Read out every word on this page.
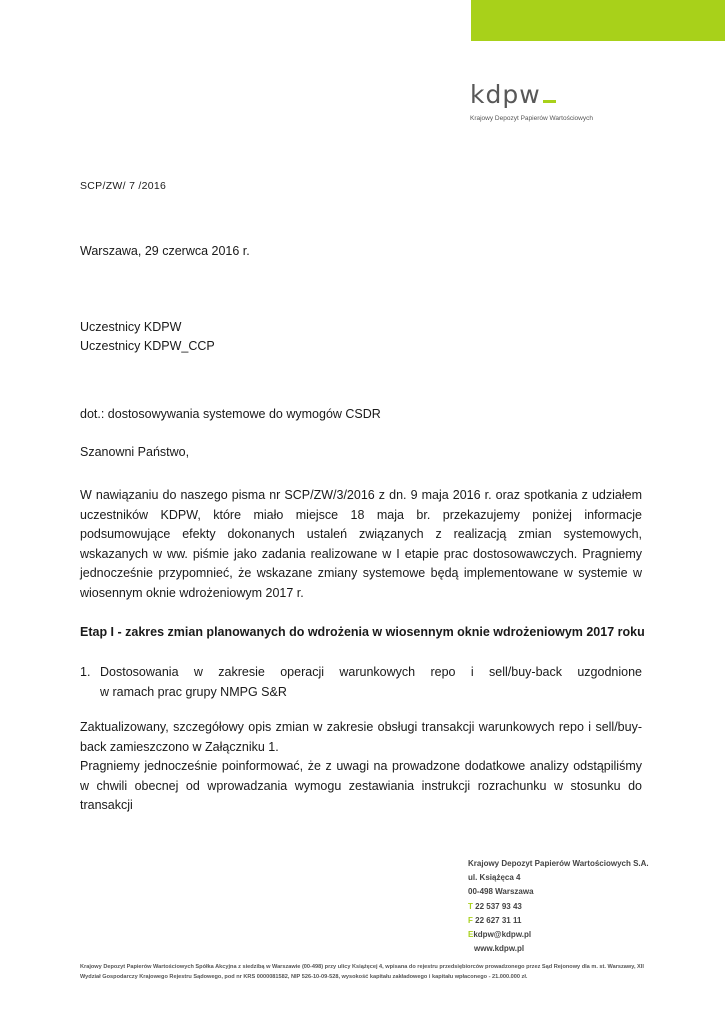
kdpw
Krajowy Depozyt Papierów Wartościowych
SCP/ZW/ 7 /2016
Warszawa, 29 czerwca 2016 r.
Uczestnicy KDPW
Uczestnicy KDPW_CCP
dot.: dostosowywania systemowe do wymogów CSDR
Szanowni Państwo,
W nawiązaniu do naszego pisma nr SCP/ZW/3/2016 z dn. 9 maja 2016 r. oraz spotkania z udziałem uczestników KDPW, które miało miejsce 18 maja br. przekazujemy poniżej informacje podsumowujące efekty dokonanych ustaleń związanych z realizacją zmian systemowych, wskazanych w ww. piśmie jako zadania realizowane w I etapie prac dostosowawczych. Pragniemy jednocześnie przypomnieć, że wskazane zmiany systemowe będą implementowane w systemie w wiosennym oknie wdrożeniowym 2017 r.
Etap I - zakres zmian planowanych do wdrożenia w wiosennym oknie wdrożeniowym 2017 roku
1. Dostosowania w zakresie operacji warunkowych repo i sell/buy-back uzgodnione
w ramach prac grupy NMPG S&R
Zaktualizowany, szczegółowy opis zmian w zakresie obsługi transakcji warunkowych repo i sell/buy-back zamieszczono w Załączniku 1.
Pragniemy jednocześnie poinformować, że z uwagi na prowadzone dodatkowe analizy odstąpiliśmy w chwili obecnej od wprowadzania wymogu zestawiania instrukcji rozrachunku w stosunku do transakcji
Krajowy Depozyt Papierów Wartościowych S.A.
ul. Książęca 4
00-498 Warszawa
T 22 537 93 43
F 22 627 31 11
Ekdpw@kdpw.pl
www.kdpw.pl
Krajowy Depozyt Papierów Wartościowych Spółka Akcyjna z siedzibą w Warszawie (00-498) przy ulicy Książęcej 4, wpisana do rejestru przedsiębiorców prowadzonego przez Sąd Rejonowy dla m. st. Warszawy, XII Wydział Gospodarczy Krajowego Rejestru Sądowego, pod nr KRS 0000081582, NIP 526-10-09-528, wysokość kapitału zakładowego i kapitału wpłaconego - 21.000.000 zł.
